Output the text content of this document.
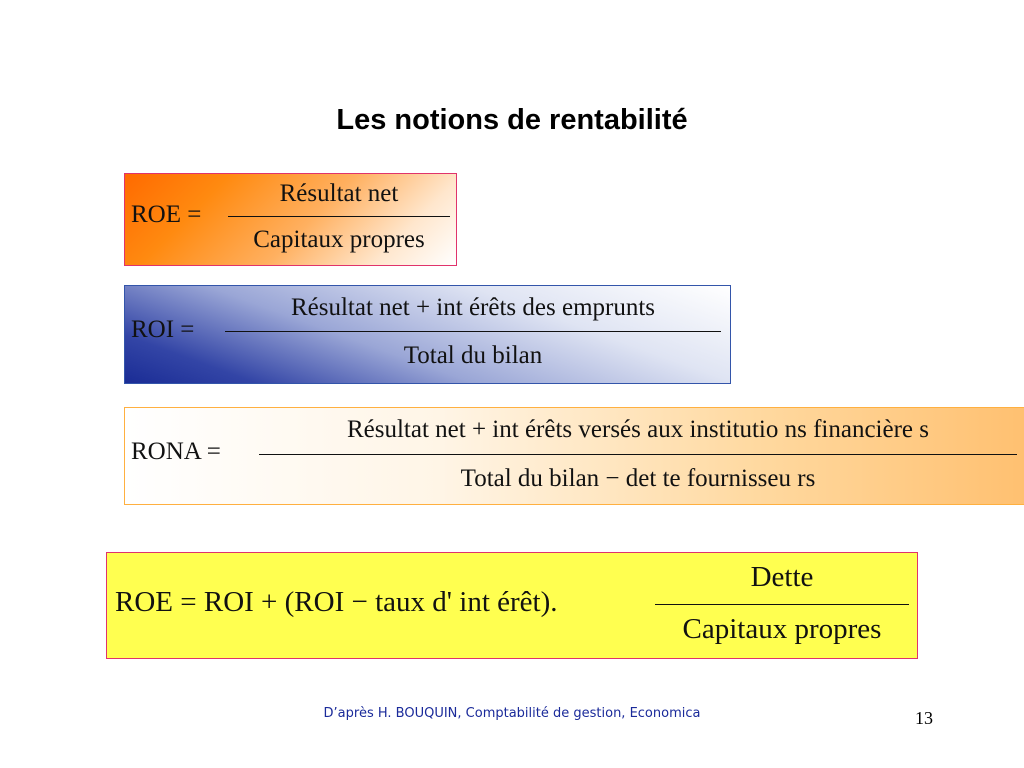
Les notions de rentabilité
ROE =
Résultat net
Capitaux propres
ROI =
Résultat net + int érêts des emprunts
Total du bilan
RONA =
Résultat net + int érêts versés aux institutio ns financière s
Total du bilan − det te fournisseu rs
ROE = ROI + (ROI − taux d' int érêt).
Dette
Capitaux propres
D’après H. BOUQUIN, Comptabilité de gestion, Economica	13
